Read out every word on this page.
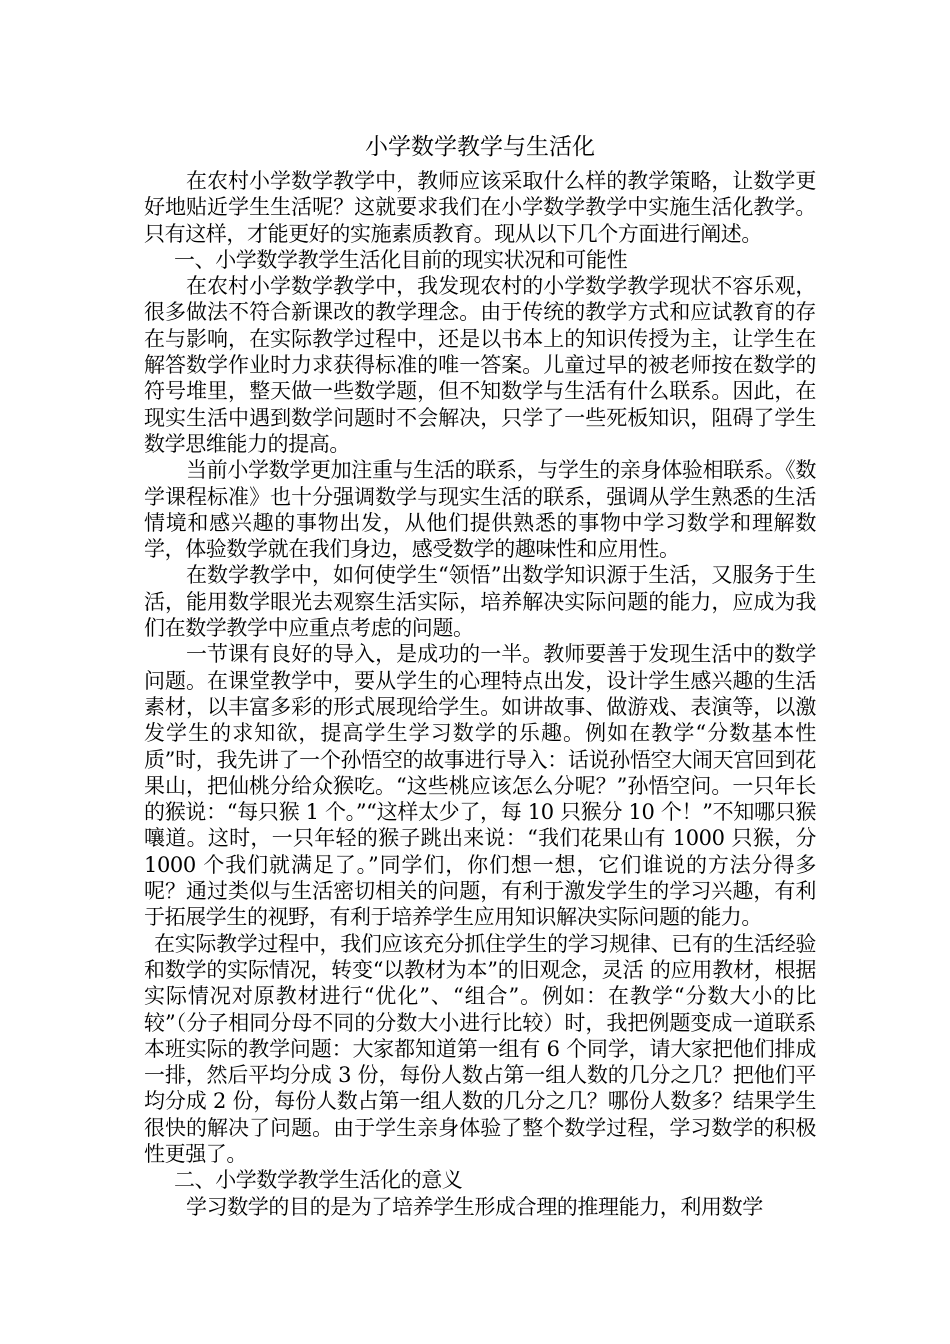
小学数学教学与生活化

在农村小学数学教学中，教师应该采取什么样的教学策略，让数学更好地贴近学生生活呢？这就要求我们在小学数学教学中实施生活化教学。只有这样，才能更好的实施素质教育。现从以下几个方面进行阐述。

一、小学数学教学生活化目前的现实状况和可能性

在农村小学数学教学中，我发现农村的小学数学教学现状不容乐观，很多做法不符合新课改的教学理念。由于传统的教学方式和应试教育的存在与影响，在实际教学过程中，还是以书本上的知识传授为主，让学生在解答数学作业时力求获得标准的唯一答案。儿童过早的被老师按在数学的符号堆里，整天做一些数学题，但不知数学与生活有什么联系。因此，在现实生活中遇到数学问题时不会解决，只学了一些死板知识，阻碍了学生数学思维能力的提高。

当前小学数学更加注重与生活的联系，与学生的亲身体验相联系。《数学课程标准》也十分强调数学与现实生活的联系，强调从学生熟悉的生活情境和感兴趣的事物出发，从他们提供熟悉的事物中学习数学和理解数学，体验数学就在我们身边，感受数学的趣味性和应用性。

在数学教学中，如何使学生“领悟”出数学知识源于生活，又服务于生活，能用数学眼光去观察生活实际，培养解决实际问题的能力，应成为我们在数学教学中应重点考虑的问题。

一节课有良好的导入，是成功的一半。教师要善于发现生活中的数学问题。在课堂教学中，要从学生的心理特点出发，设计学生感兴趣的生活素材，以丰富多彩的形式展现给学生。如讲故事、做游戏、表演等，以激发学生的求知欲，提高学生学习数学的乐趣。例如在教学“分数基本性质”时，我先讲了一个孙悟空的故事进行导入：话说孙悟空大闹天宫回到花果山，把仙桃分给众猴吃。“这些桃应该怎么分呢？”孙悟空问。一只年长的猴说：“每只猴 1 个。”“这样太少了，每 10 只猴分 10 个！”不知哪只猴嚷道。这时，一只年轻的猴子跳出来说：“我们花果山有 1000 只猴，分 1000 个我们就满足了。”同学们，你们想一想，它们谁说的方法分得多呢？通过类似与生活密切相关的问题，有利于激发学生的学习兴趣，有利于拓展学生的视野，有利于培养学生应用知识解决实际问题的能力。

在实际教学过程中，我们应该充分抓住学生的学习规律、已有的生活经验和数学的实际情况，转变“以教材为本”的旧观念，灵活 的应用教材，根据实际情况对原教材进行“优化”、“组合”。例如：在教学“分数大小的比较”（分子相同分母不同的分数大小进行比较）时，我把例题变成一道联系本班实际的教学问题：大家都知道第一组有 6 个同学，请大家把他们排成一排，然后平均分成 3 份，每份人数占第一组人数的几分之几？把他们平均分成 2 份，每份人数占第一组人数的几分之几？哪份人数多？结果学生很快的解决了问题。由于学生亲身体验了整个数学过程，学习数学的积极性更强了。

二、小学数学教学生活化的意义

学习数学的目的是为了培养学生形成合理的推理能力，利用数学
